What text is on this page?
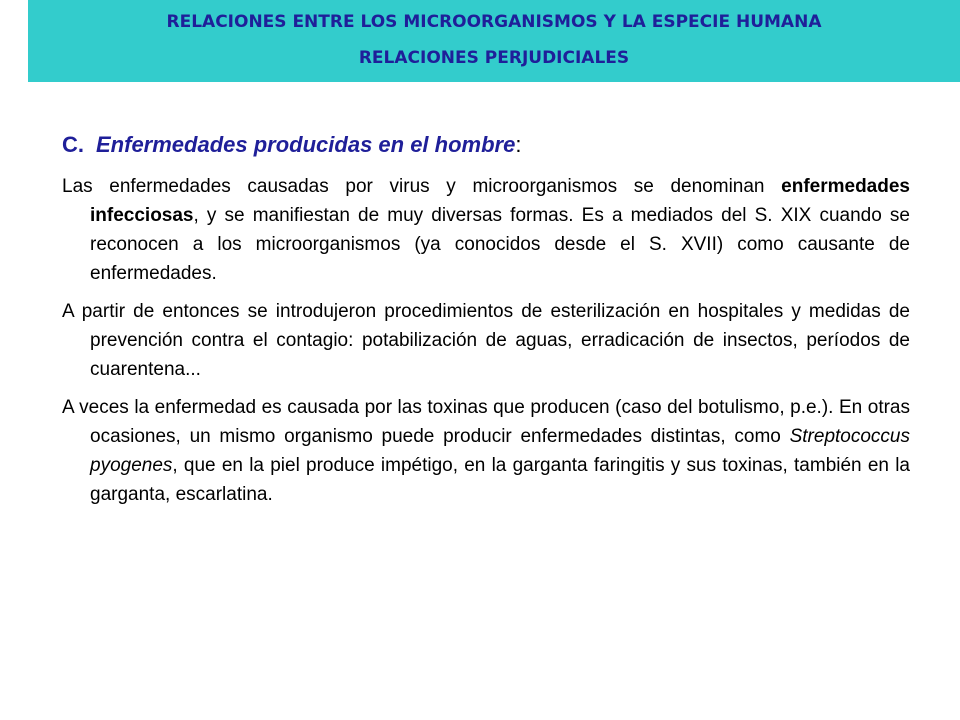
RELACIONES ENTRE LOS MICROORGANISMOS Y LA ESPECIE HUMANA
RELACIONES PERJUDICIALES
C. Enfermedades producidas en el hombre:

Las enfermedades causadas por virus y microorganismos se denominan enfermedades infecciosas, y se manifiestan de muy diversas formas. Es a mediados del S. XIX cuando se reconocen a los microorganismos (ya conocidos desde el S. XVII) como causante de enfermedades.

A partir de entonces se introdujeron procedimientos de esterilización en hospitales y medidas de prevención contra el contagio: potabilización de aguas, erradicación de insectos, períodos de cuarentena...

A veces la enfermedad es causada por las toxinas que producen (caso del botulismo, p.e.). En otras ocasiones, un mismo organismo puede producir enfermedades distintas, como Streptococcus pyogenes, que en la piel produce impétigo, en la garganta faringitis y sus toxinas, también en la garganta, escarlatina.
